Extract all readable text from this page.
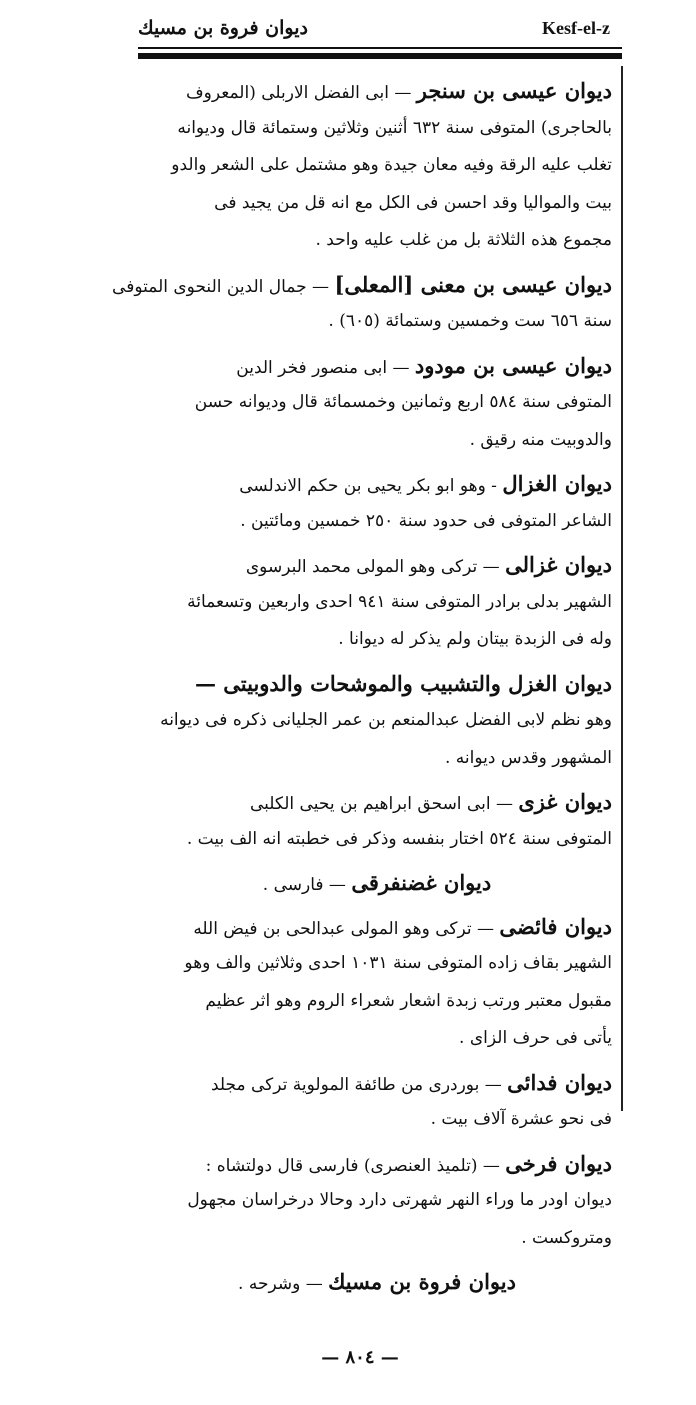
Kesf-el-z
ديوان فروة بن مسيك
ديوان عيسى بن سنجر — ابى الفضل الاربلى (المعروف
بالحاجرى) المتوفى سنة ٦٣٢ أثنين وثلاثين وستمائة قال وديوانه
تغلب عليه الرقة وفيه معان جيدة وهو مشتمل على الشعر والدو
بيت والمواليا وقد احسن فى الكل مع انه قل من يجيد فى
مجموع هذه الثلاثة بل من غلب عليه واحد .
ديوان عيسى بن معنى [المعلى] — جمال الدين النحوى المتوفى
سنة ٦٥٦ ست وخمسين وستمائة (٦٠٥) .
ديوان عيسى بن مودود — ابى منصور فخر الدين
المتوفى سنة ٥٨٤ اربع وثمانين وخمسمائة قال وديوانه حسن
والدوبيت منه رقيق .
ديوان الغزال - وهو ابو بكر يحيى بن حكم الاندلسى
الشاعر المتوفى فى حدود سنة ٢٥٠ خمسين ومائتين .
ديوان غزالى — تركى وهو المولى محمد البرسوى
الشهير بدلى برادر المتوفى سنة ٩٤١ احدى واربعين وتسعمائة
وله فى الزبدة بيتان ولم يذكر له ديوانا .
ديوان الغزل والتشبيب والموشحات والدوبيتى —
وهو نظم لابى الفضل عبدالمنعم بن عمر الجليانى ذكره فى ديوانه
المشهور وقدس ديوانه .
ديوان غزى — ابى اسحق ابراهيم بن يحيى الكلبى
المتوفى سنة ٥٢٤ اختار بنفسه وذكر فى خطبته انه الف بيت .
ديوان غضنفرقى — فارسى .
ديوان فائضى — تركى وهو المولى عبدالحى بن فيض الله
الشهير بقاف زاده المتوفى سنة ١٠٣١ احدى وثلاثين والف وهو
مقبول معتبر ورتب زبدة اشعار شعراء الروم وهو اثر عظيم
يأتى فى حرف الزاى .
ديوان فدائى — بوردرى من طائفة المولوية تركى مجلد
فى نحو عشرة آلاف بيت .
ديوان فرخى — (تلميذ العنصرى) فارسى قال دولتشاه :
ديوان اودر ما وراء النهر شهرتى دارد وحالا درخراسان مجهول
ومتروكست .
ديوان فروة بن مسيك — وشرحه .
— ٨٠٤ —
